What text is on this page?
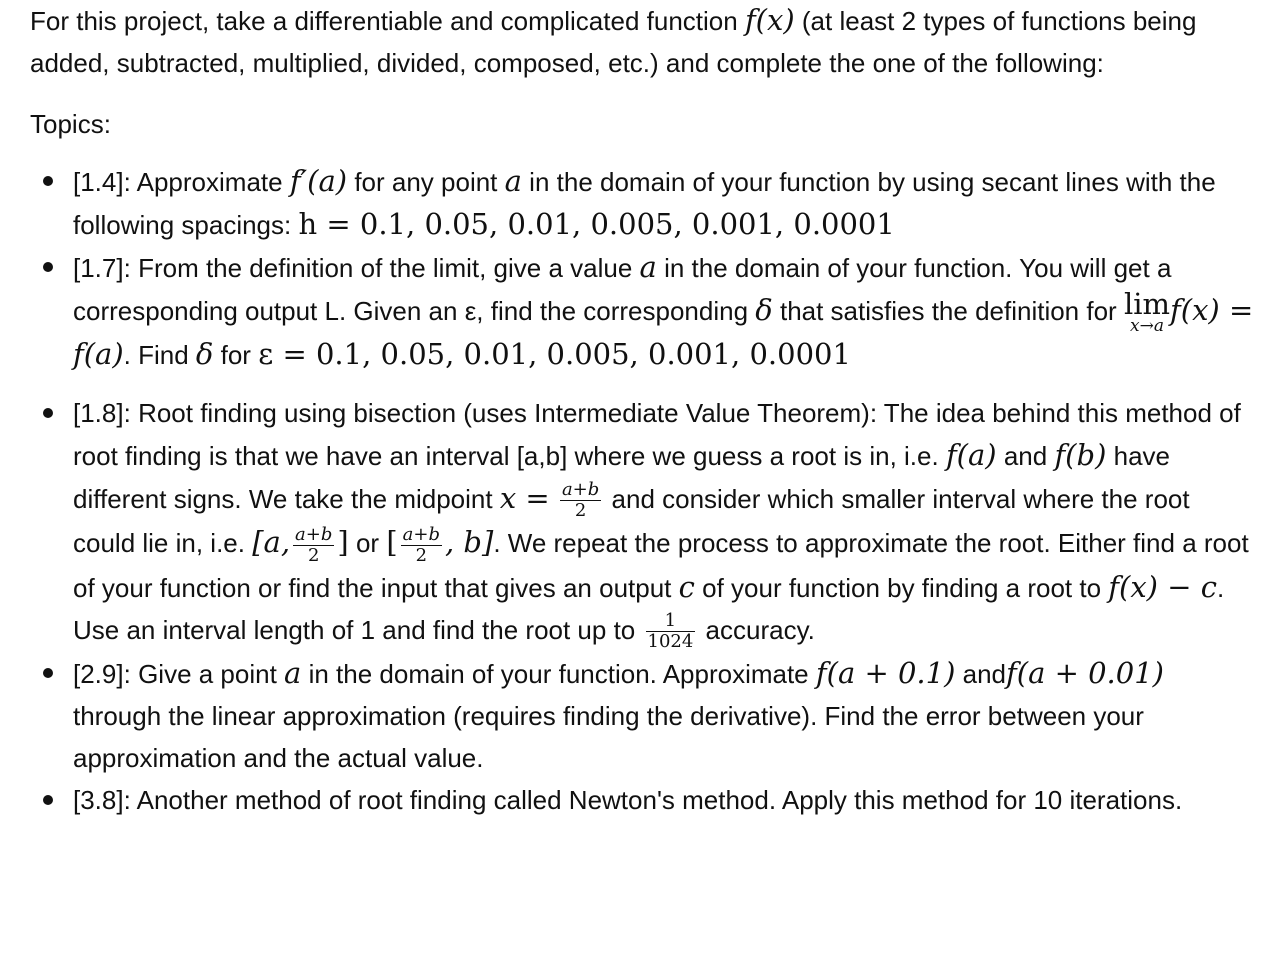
For this project, take a differentiable and complicated function f(x) (at least 2 types of functions being added, subtracted, multiplied, divided, composed, etc.) and complete the one of the following:

Topics:

[1.4]: Approximate f′(a) for any point a in the domain of your function by using secant lines with the following spacings: h = 0.1, 0.05, 0.01, 0.005, 0.001, 0.0001
[1.7]: From the definition of the limit, give a value a in the domain of your function. You will get a corresponding output L. Given an ε, find the corresponding δ that satisfies the definition for lim
x→a f(x) = f(a). Find δ for ε = 0.1, 0.05, 0.01, 0.005, 0.001, 0.0001
[1.8]: Root finding using bisection (uses Intermediate Value Theorem): The idea behind this method of root finding is that we have an interval [a,b] where we guess a root is in, i.e. f(a) and f(b) have different signs. We take the midpoint $x = \frac{a+b}{2}$ and consider which smaller interval where the root could lie in, i.e. [a, $\frac{a+b}{2}$ ] or [ $\frac{a+b}{2}$ , b]. We repeat the process to approximate the root. Either find a root of your function or find the input that gives an output c of your function by finding a root to f(x) − c. Use an interval length of 1 and find the root up to $\frac{1}{1024}$ accuracy.
[2.9]: Give a point a in the domain of your function. Approximate f(a + 0.1) andf(a + 0.01) through the linear approximation (requires finding the derivative). Find the error between your approximation and the actual value.
[3.8]: Another method of root finding called Newton's method. Apply this method for 10 iterations.
